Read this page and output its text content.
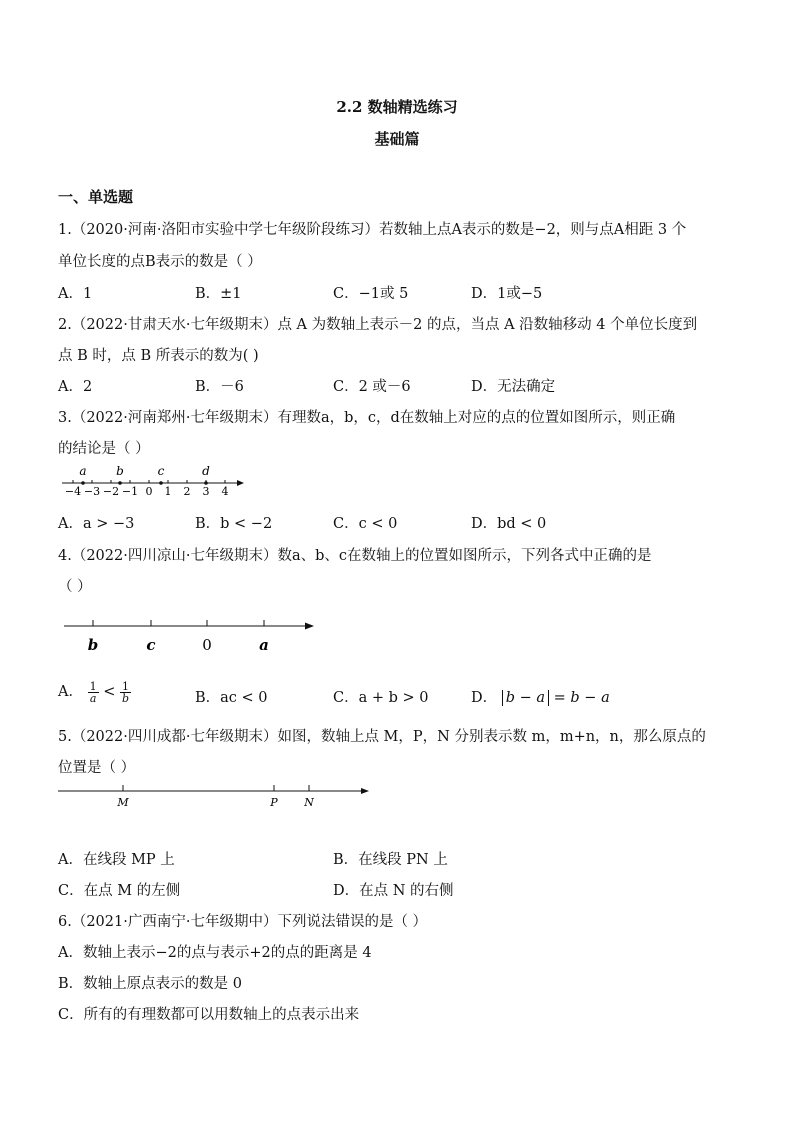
2.2 数轴精选练习
基础篇
一、单选题
1.（2020·河南·洛阳市实验中学七年级阶段练习）若数轴上点A表示的数是−2，则与点A相距 3 个
单位长度的点B表示的数是（ ）
A．1	B．±1	C．−1或 5	D．1或−5
2.（2022·甘肃天水·七年级期末）点 A 为数轴上表示－2 的点，当点 A 沿数轴移动 4 个单位长度到
点 B 时，点 B 所表示的数为( )
A．2	B．－6	C．2 或－6	D．无法确定
3.（2022·河南郑州·七年级期末）有理数a，b，c，d在数轴上对应的点的位置如图所示，则正确
的结论是（ ）
−4 −3 −2 −1 0 1 2 3 4
a b	c	d
A．a > −3	B．b < −2	C．c < 0	D．bd < 0
4.（2022·四川凉山·七年级期末）数a、b、c在数轴上的位置如图所示，下列各式中正确的是
（ ）
b	c	0	a
A． $\frac{1}{a} < \frac{1}{b}$	B．ac < 0	C．a + b > 0	D． b − a = b − a
5.（2022·四川成都·七年级期末）如图，数轴上点 M，P，N 分别表示数 m，m+n，n，那么原点的
位置是（ ）
M	P N
A．在线段 MP 上	B．在线段 PN 上
C．在点 M 的左侧	D．在点 N 的右侧
6.（2021·广西南宁·七年级期中）下列说法错误的是（ ）
A．数轴上表示−2的点与表示+2的点的距离是 4
B．数轴上原点表示的数是 0
C．所有的有理数都可以用数轴上的点表示出来
